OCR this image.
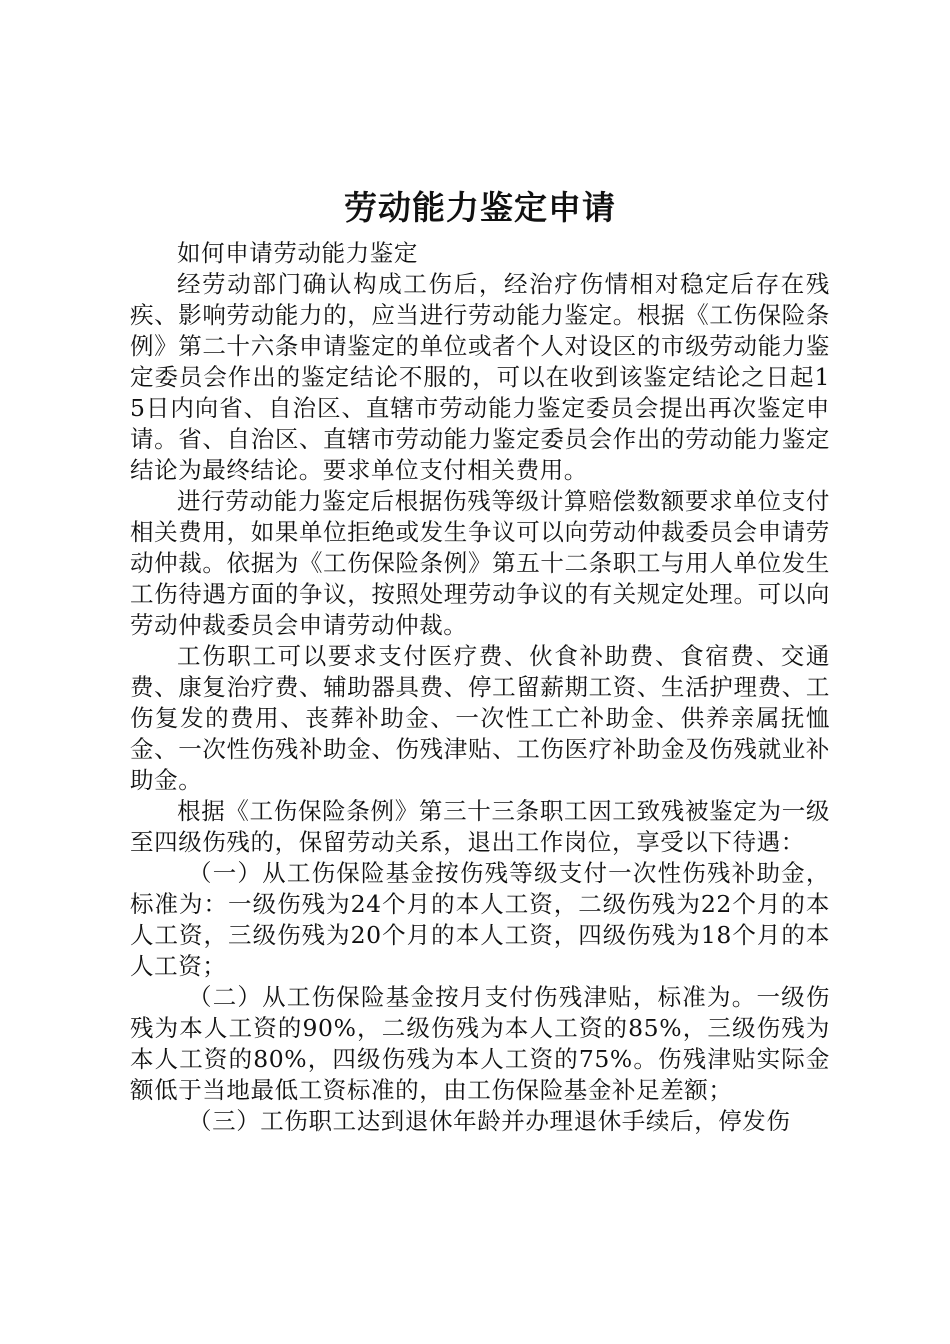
劳动能力鉴定申请

如何申请劳动能力鉴定

经劳动部门确认构成工伤后，经治疗伤情相对稳定后存在残疾、影响劳动能力的，应当进行劳动能力鉴定。根据《工伤保险条例》第二十六条申请鉴定的单位或者个人对设区的市级劳动能力鉴定委员会作出的鉴定结论不服的，可以在收到该鉴定结论之日起15日内向省、自治区、直辖市劳动能力鉴定委员会提出再次鉴定申请。省、自治区、直辖市劳动能力鉴定委员会作出的劳动能力鉴定结论为最终结论。要求单位支付相关费用。

进行劳动能力鉴定后根据伤残等级计算赔偿数额要求单位支付相关费用，如果单位拒绝或发生争议可以向劳动仲裁委员会申请劳动仲裁。依据为《工伤保险条例》第五十二条职工与用人单位发生工伤待遇方面的争议，按照处理劳动争议的有关规定处理。可以向劳动仲裁委员会申请劳动仲裁。

工伤职工可以要求支付医疗费、伙食补助费、食宿费、交通费、康复治疗费、辅助器具费、停工留薪期工资、生活护理费、工伤复发的费用、丧葬补助金、一次性工亡补助金、供养亲属抚恤金、一次性伤残补助金、伤残津贴、工伤医疗补助金及伤残就业补助金。

根据《工伤保险条例》第三十三条职工因工致残被鉴定为一级至四级伤残的，保留劳动关系，退出工作岗位，享受以下待遇：

（一）从工伤保险基金按伤残等级支付一次性伤残补助金，标准为：一级伤残为24个月的本人工资，二级伤残为22个月的本人工资，三级伤残为20个月的本人工资，四级伤残为18个月的本人工资；

（二）从工伤保险基金按月支付伤残津贴，标准为。一级伤残为本人工资的90%，二级伤残为本人工资的85%，三级伤残为本人工资的80%，四级伤残为本人工资的75%。伤残津贴实际金额低于当地最低工资标准的，由工伤保险基金补足差额；

（三）工伤职工达到退休年龄并办理退休手续后，停发伤
